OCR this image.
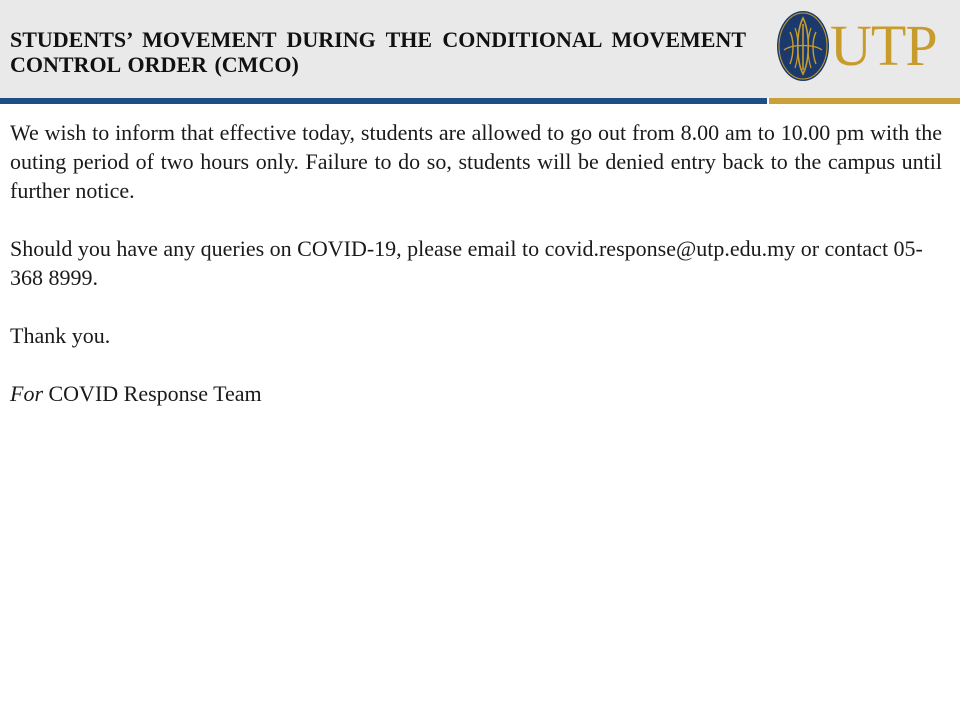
STUDENTS’ MOVEMENT DURING THE CONDITIONAL MOVEMENT CONTROL ORDER (CMCO)	UTP

We wish to inform that effective today, students are allowed to go out from 8.00 am to 10.00 pm with the outing period of two hours only. Failure to do so, students will be denied entry back to the campus until further notice.

Should you have any queries on COVID-19, please email to covid.response@utp.edu.my or contact 05-368 8999.

Thank you.

For COVID Response Team
